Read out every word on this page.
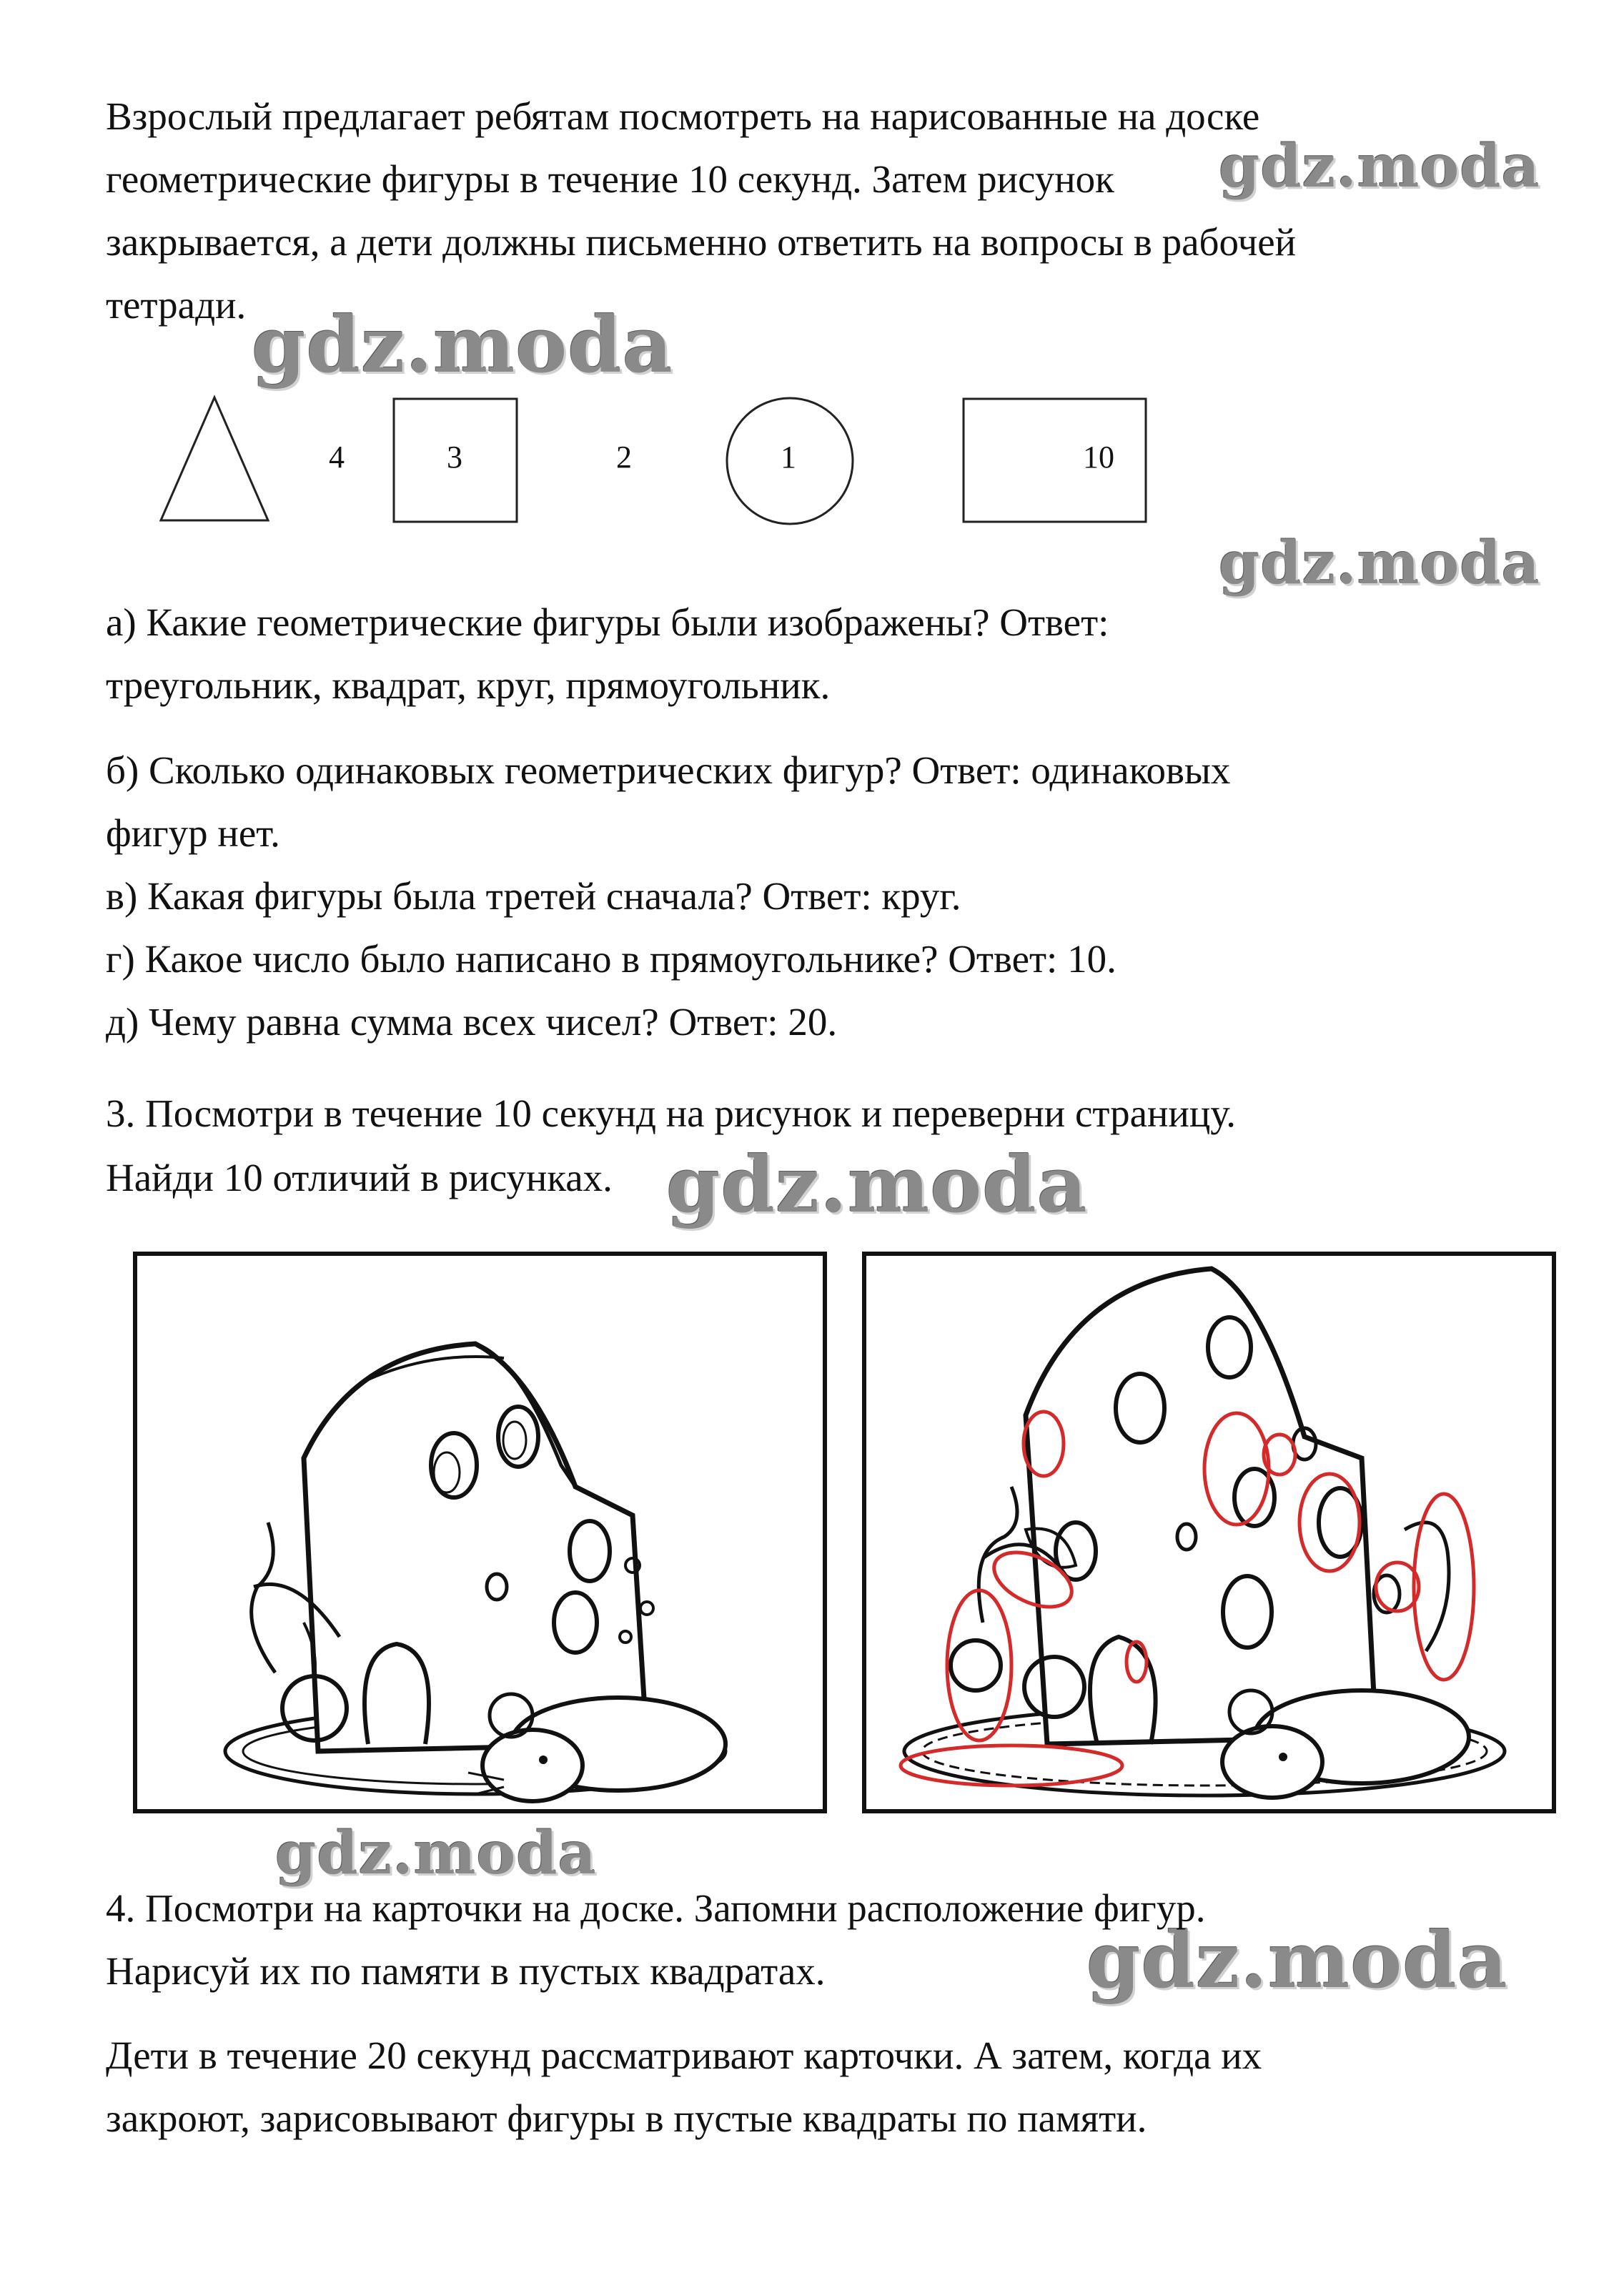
Взрослый предлагает ребятам посмотреть на нарисованные на доске

геометрические фигуры в течение 10 секунд. Затем рисунок

закрывается, а дети должны письменно ответить на вопросы в рабочей

тетради.

gdz.moda

gdz.moda

gdz.moda

gdz.moda

gdz.moda

gdz.moda

4	3	2	1	10

а) Какие геометрические фигуры были изображены? Ответ:

треугольник, квадрат, круг, прямоугольник.

б) Сколько одинаковых геометрических фигур? Ответ: одинаковых

фигур нет.

в) Какая фигуры была третей сначала? Ответ: круг.

г) Какое число было написано в прямоугольнике? Ответ: 10.

д) Чему равна сумма всех чисел? Ответ: 20.

3. Посмотри в течение 10 секунд на рисунок и переверни страницу.

Найди 10 отличий в рисунках.

4. Посмотри на карточки на доске. Запомни расположение фигур.

Нарисуй их по памяти в пустых квадратах.

Дети в течение 20 секунд рассматривают карточки. А затем, когда их

закроют, зарисовывают фигуры в пустые квадраты по памяти.
